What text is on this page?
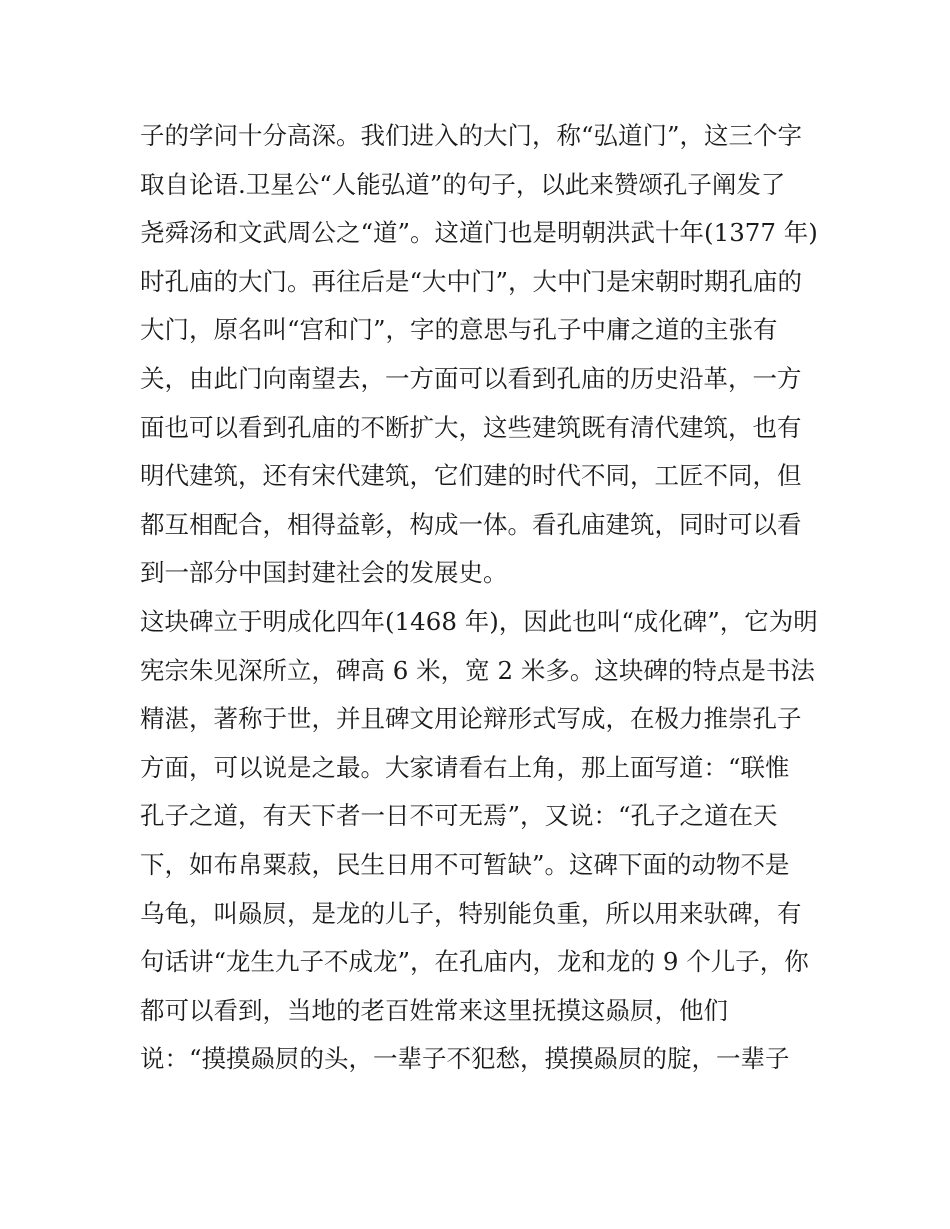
子的学问十分高深。我们进入的大门，称“弘道门”，这三个字
取自论语.卫星公“人能弘道”的句子，以此来赞颂孔子阐发了
尧舜汤和文武周公之“道”。这道门也是明朝洪武十年(1377 年)
时孔庙的大门。再往后是“大中门”，大中门是宋朝时期孔庙的
大门，原名叫“宫和门”，字的意思与孔子中庸之道的主张有
关，由此门向南望去，一方面可以看到孔庙的历史沿革，一方
面也可以看到孔庙的不断扩大，这些建筑既有清代建筑，也有
明代建筑，还有宋代建筑，它们建的时代不同，工匠不同，但
都互相配合，相得益彰，构成一体。看孔庙建筑，同时可以看
到一部分中国封建社会的发展史。
这块碑立于明成化四年(1468 年)，因此也叫“成化碑”，它为明
宪宗朱见深所立，碑高 6 米，宽 2 米多。这块碑的特点是书法
精湛，著称于世，并且碑文用论辩形式写成，在极力推崇孔子
方面，可以说是之最。大家请看右上角，那上面写道：“联惟
孔子之道，有天下者一日不可无焉”，又说：“孔子之道在天
下，如布帛粟菽，民生日用不可暂缺”。这碑下面的动物不是
乌龟，叫赑屃，是龙的儿子，特别能负重，所以用来驮碑，有
句话讲“龙生九子不成龙”，在孔庙内，龙和龙的 9 个儿子，你
都可以看到，当地的老百姓常来这里抚摸这赑屃，他们
说：“摸摸赑屃的头，一辈子不犯愁，摸摸赑屃的腚，一辈子
